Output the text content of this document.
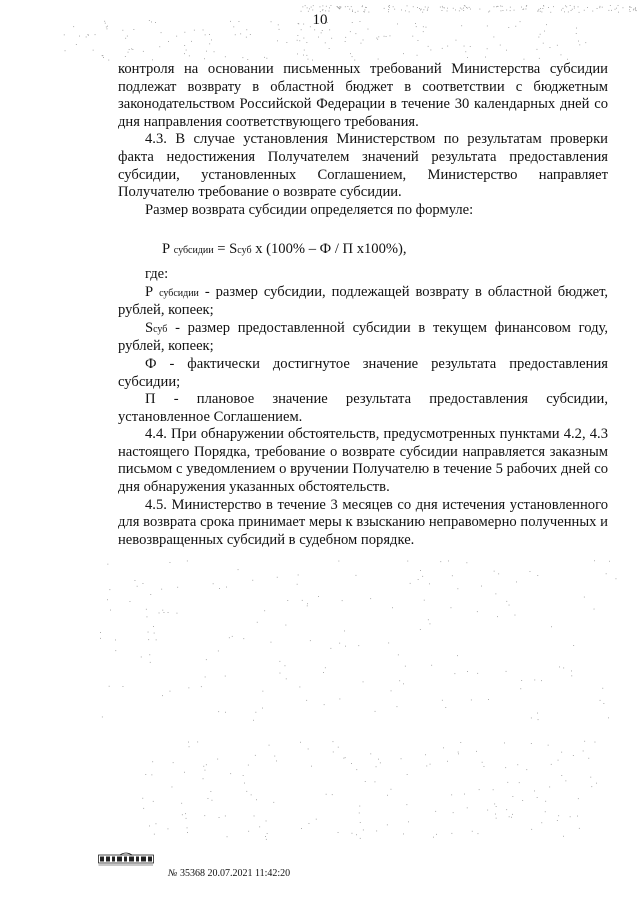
10

контроля на основании письменных требований Министерства субсидии подлежат возврату в областной бюджет в соответствии с бюджетным законодательством Российской Федерации в течение 30 календарных дней со дня направления соответствующего требования.

4.3. В случае установления Министерством по результатам проверки факта недостижения Получателем значений результата предоставления субсидии, установленных Соглашением, Министерство направляет Получателю требование о возврате субсидии.

Размер возврата субсидии определяется по формуле:

Р субсидии = Sсуб х (100% – Ф / П х100%),

где:

Р субсидии - размер субсидии, подлежащей возврату в областной бюджет, рублей, копеек;

Sсуб - размер предоставленной субсидии в текущем финансовом году, рублей, копеек;

Ф - фактически достигнутое значение результата предоставления субсидии;

П - плановое значение результата предоставления субсидии, установленное Соглашением.

4.4. При обнаружении обстоятельств, предусмотренных пунктами 4.2, 4.3 настоящего Порядка, требование о возврате субсидии направляется заказным письмом с уведомлением о вручении Получателю в течение 5 рабочих дней со дня обнаружения указанных обстоятельств.

4.5. Министерство в течение 3 месяцев со дня истечения установленного для возврата срока принимает меры к взысканию неправомерно полученных и невозвращенных субсидий в судебном порядке.

№ 35368 20.07.2021 11:42:20
